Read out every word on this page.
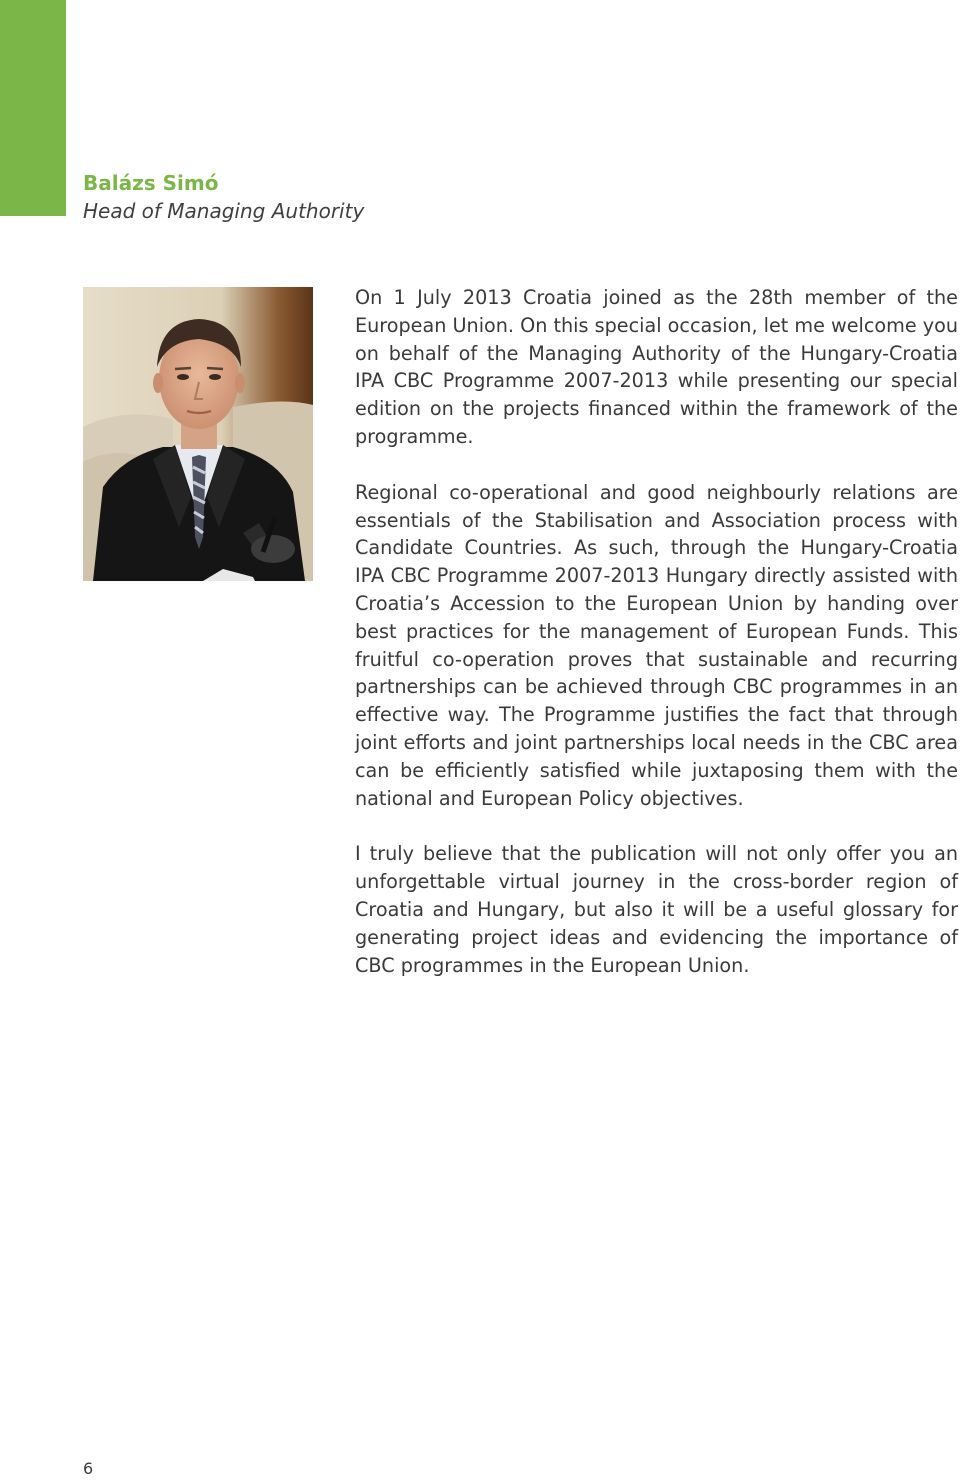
Balázs Simó
Head of Managing Authority

On 1 July 2013 Croatia joined as the 28th member of the European Union. On this special occasion, let me welcome you on behalf of the Managing Authority of the Hungary-Croatia IPA CBC Programme 2007-2013 while presenting our special edition on the projects financed within the framework of the programme.

Regional co-operational and good neighbourly relations are essentials of the Stabilisation and Association process with Candidate Countries. As such, through the Hungary-Croatia IPA CBC Programme 2007-2013 Hungary directly assisted with Croatia’s Accession to the European Union by handing over best practices for the management of European Funds. This fruitful co-operation proves that sustainable and recurring partnerships can be achieved through CBC programmes in an effective way. The Programme justifies the fact that through joint efforts and joint partnerships local needs in the CBC area can be efficiently satisfied while juxtaposing them with the national and European Policy objectives.

I truly believe that the publication will not only offer you an unforgettable virtual journey in the cross-border region of Croatia and Hungary, but also it will be a useful glossary for generating project ideas and evidencing the importance of CBC programmes in the European Union.

6
